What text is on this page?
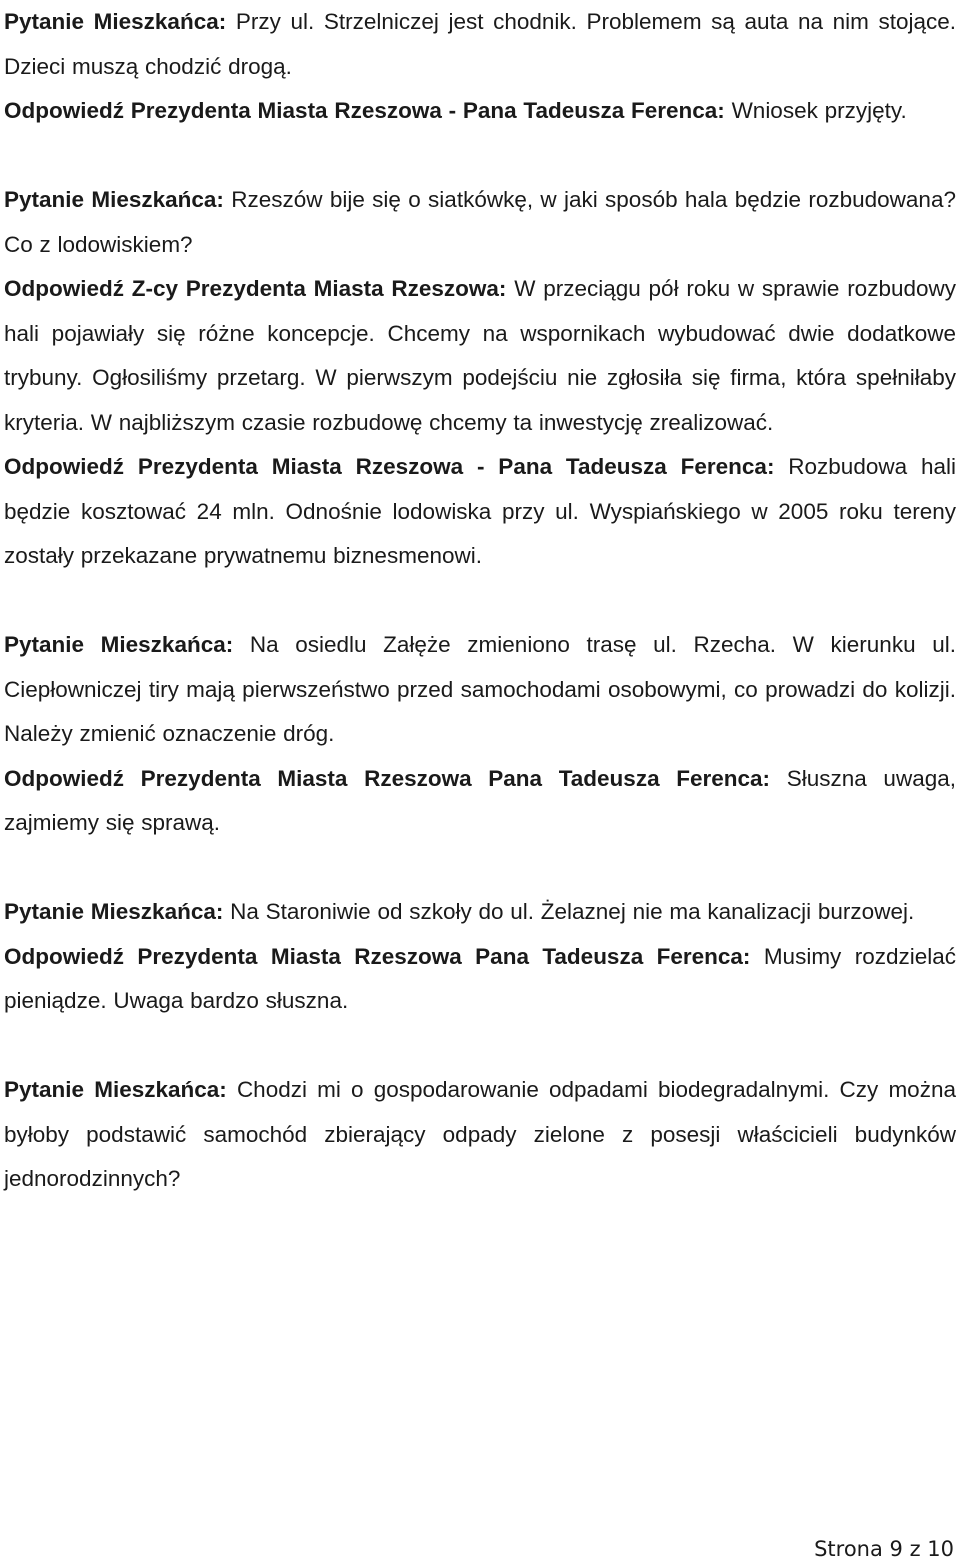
Pytanie Mieszkańca: Przy ul. Strzelniczej jest chodnik. Problemem są auta na nim stojące. Dzieci muszą chodzić drogą.

Odpowiedź Prezydenta Miasta Rzeszowa - Pana Tadeusza Ferenca: Wniosek przyjęty.

Pytanie Mieszkańca: Rzeszów bije się o siatkówkę, w jaki sposób hala będzie rozbudowana? Co z lodowiskiem?

Odpowiedź Z-cy Prezydenta Miasta Rzeszowa: W przeciągu pół roku w sprawie rozbudowy hali pojawiały się różne koncepcje. Chcemy na wspornikach wybudować dwie dodatkowe trybuny. Ogłosiliśmy przetarg. W pierwszym podejściu nie zgłosiła się firma, która spełniłaby kryteria. W najbliższym czasie rozbudowę chcemy ta inwestycję zrealizować.

Odpowiedź Prezydenta Miasta Rzeszowa - Pana Tadeusza Ferenca: Rozbudowa hali będzie kosztować 24 mln. Odnośnie lodowiska przy ul. Wyspiańskiego w 2005 roku tereny zostały przekazane prywatnemu biznesmenowi.

Pytanie Mieszkańca: Na osiedlu Załęże zmieniono trasę ul. Rzecha. W kierunku ul. Ciepłowniczej tiry mają pierwszeństwo przed samochodami osobowymi, co prowadzi do kolizji. Należy zmienić oznaczenie dróg.

Odpowiedź Prezydenta Miasta Rzeszowa Pana Tadeusza Ferenca: Słuszna uwaga, zajmiemy się sprawą.

Pytanie Mieszkańca: Na Staroniwie od szkoły do ul. Żelaznej nie ma kanalizacji burzowej.

Odpowiedź Prezydenta Miasta Rzeszowa Pana Tadeusza Ferenca: Musimy rozdzielać pieniądze. Uwaga bardzo słuszna.

Pytanie Mieszkańca: Chodzi mi o gospodarowanie odpadami biodegradalnymi. Czy można byłoby podstawić samochód zbierający odpady zielone z posesji właścicieli budynków jednorodzinnych?

Strona 9 z 10
